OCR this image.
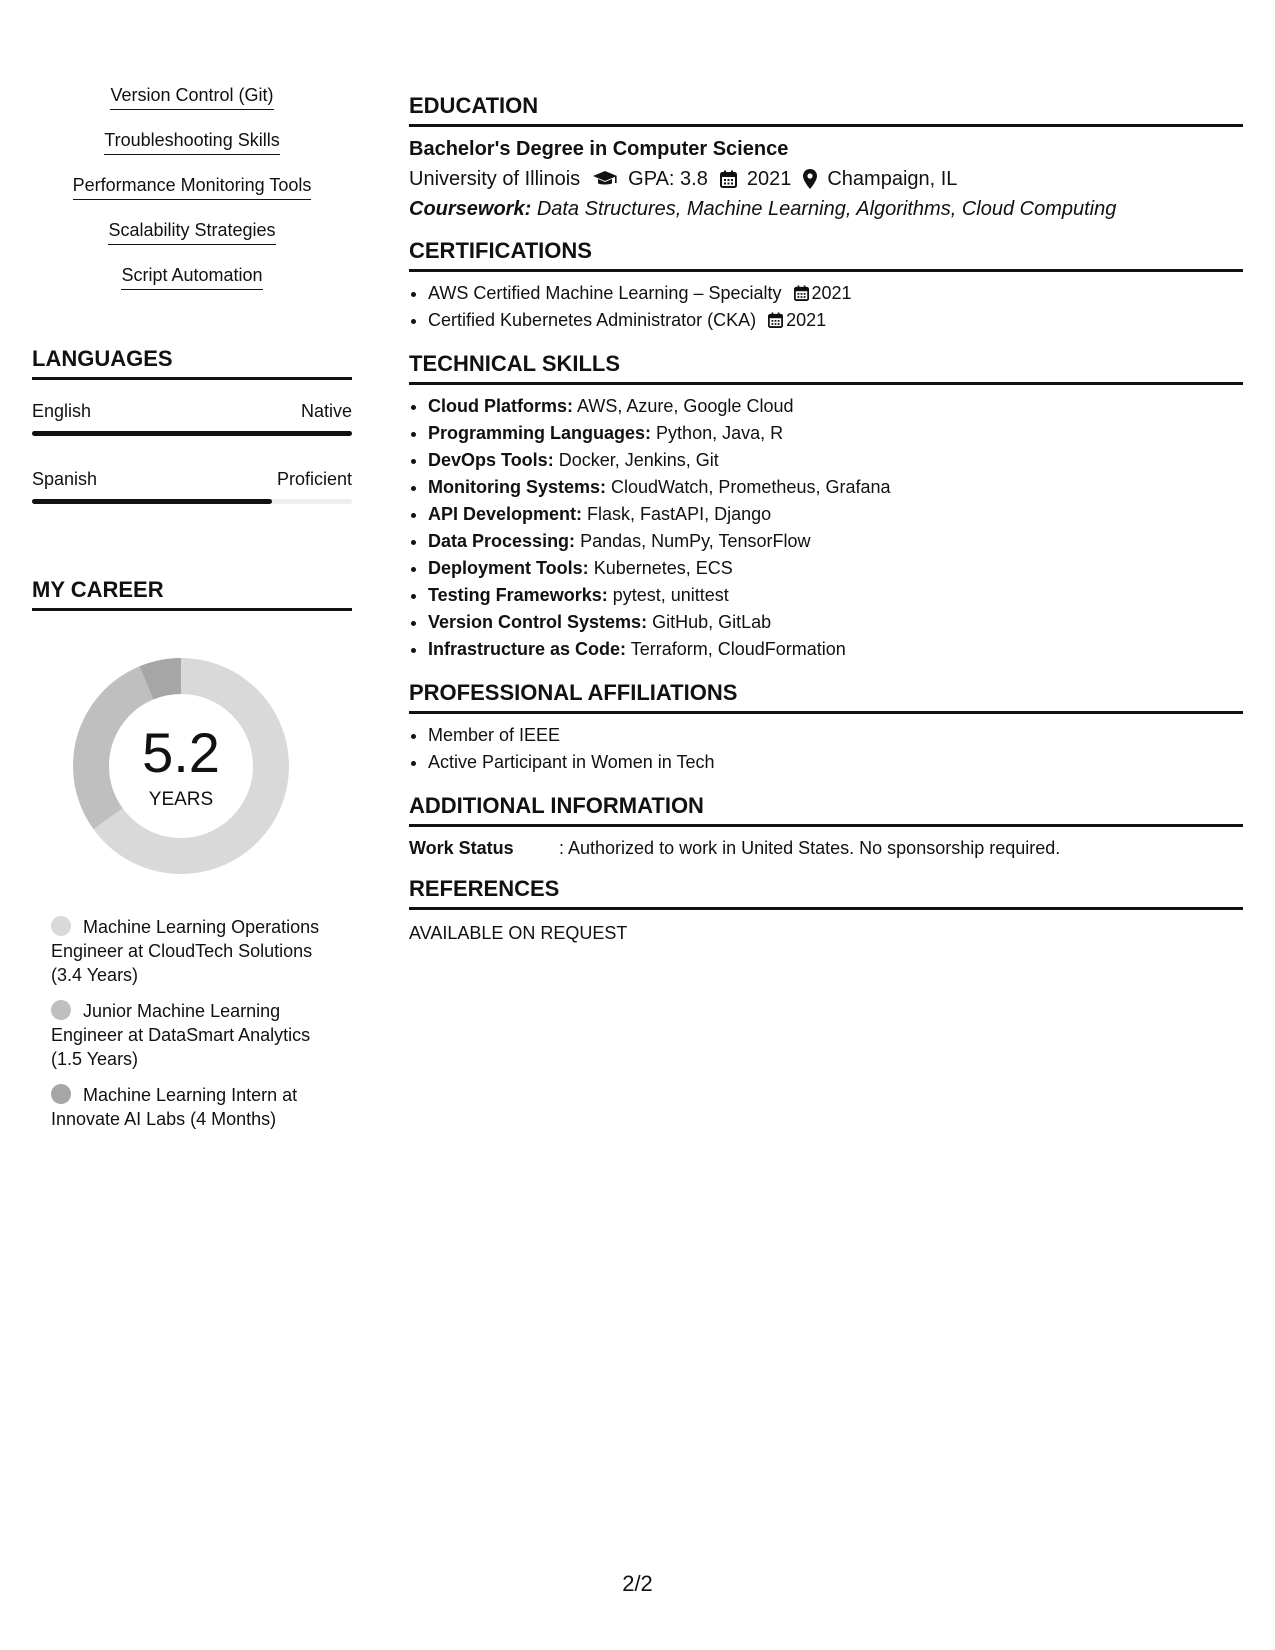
Version Control (Git)
Troubleshooting Skills
Performance Monitoring Tools
Scalability Strategies
Script Automation
LANGUAGES
English	Native
Spanish	Proficient
MY CAREER
5.2
YEARS
Machine Learning Operations Engineer at CloudTech Solutions (3.4 Years)
Junior Machine Learning Engineer at DataSmart Analytics (1.5 Years)
Machine Learning Intern at Innovate AI Labs (4 Months)
EDUCATION
Bachelor's Degree in Computer Science
University of Illinois GPA: 3.8 2021 Champaign, IL
Coursework: Data Structures, Machine Learning, Algorithms, Cloud Computing
CERTIFICATIONS
• AWS Certified Machine Learning – Specialty 2021
• Certified Kubernetes Administrator (CKA) 2021
TECHNICAL SKILLS
• Cloud Platforms: AWS, Azure, Google Cloud
• Programming Languages: Python, Java, R
• DevOps Tools: Docker, Jenkins, Git
• Monitoring Systems: CloudWatch, Prometheus, Grafana
• API Development: Flask, FastAPI, Django
• Data Processing: Pandas, NumPy, TensorFlow
• Deployment Tools: Kubernetes, ECS
• Testing Frameworks: pytest, unittest
• Version Control Systems: GitHub, GitLab
• Infrastructure as Code: Terraform, CloudFormation
PROFESSIONAL AFFILIATIONS
• Member of IEEE
• Active Participant in Women in Tech
ADDITIONAL INFORMATION
Work Status	: Authorized to work in United States. No sponsorship required.
REFERENCES
AVAILABLE ON REQUEST
2/2
